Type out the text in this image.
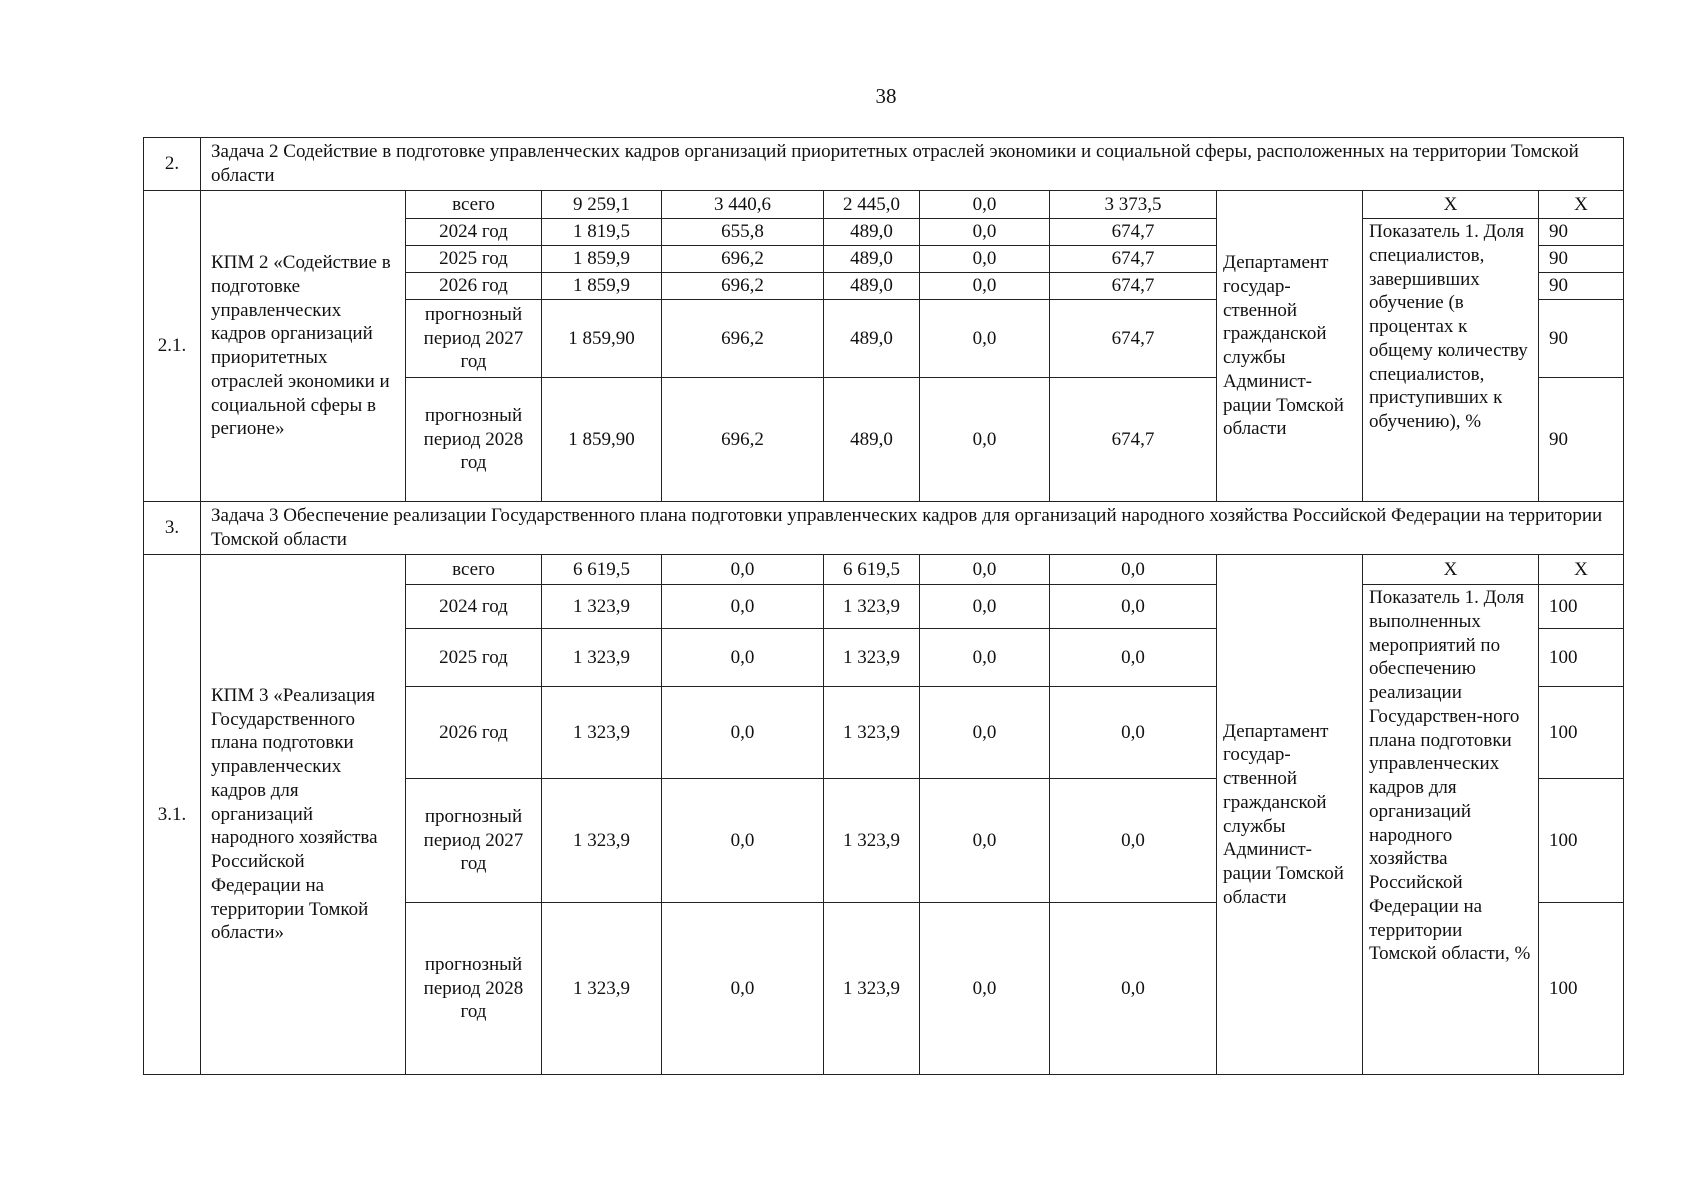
38
2.	Задача 2 Содействие в подготовке управленческих кадров организаций приоритетных отраслей экономики и социальной сферы, расположенных на территории Томской области									
2.1.	КПМ 2 «Содействие в подготовке управленческих кадров организаций приоритетных отраслей экономики и социальной сферы в регионе»	всего	9 259,1	3 440,6	2 445,0	0,0	3 373,5	Департамент государ-ственной гражданской службы Админист-рации Томской области	Х	Х
		2024 год	1 819,5	655,8	489,0	0,0	674,7		Показатель 1. Доля специалистов, завершивших обучение (в процентах к общему количеству специалистов, приступивших к обучению), %	90
		2025 год	1 859,9	696,2	489,0	0,0	674,7			90
		2026 год	1 859,9	696,2	489,0	0,0	674,7			90
		прогнозный период 2027 год	1 859,90	696,2	489,0	0,0	674,7			90
		прогнозный период 2028 год	1 859,90	696,2	489,0	0,0	674,7			90
3.	Задача 3 Обеспечение реализации Государственного плана подготовки управленческих кадров для организаций народного хозяйства Российской Федерации на территории Томской области									
3.1.	КПМ 3 «Реализация Государственного плана подготовки управленческих кадров для организаций народного хозяйства Российской Федерации на территории Томкой области»	всего	6 619,5	0,0	6 619,5	0,0	0,0	Департамент государ-ственной гражданской службы Админист-рации Томской области	Х	Х
		2024 год	1 323,9	0,0	1 323,9	0,0	0,0		Показатель 1. Доля выполненных мероприятий по обеспечению реализации Государствен-ного плана подготовки управленческих кадров для организаций народного хозяйства Российской Федерации на территории Томской области, %	100
		2025 год	1 323,9	0,0	1 323,9	0,0	0,0			100
		2026 год	1 323,9	0,0	1 323,9	0,0	0,0			100
		прогнозный период 2027 год	1 323,9	0,0	1 323,9	0,0	0,0			100
		прогнозный период 2028 год	1 323,9	0,0	1 323,9	0,0	0,0			100
